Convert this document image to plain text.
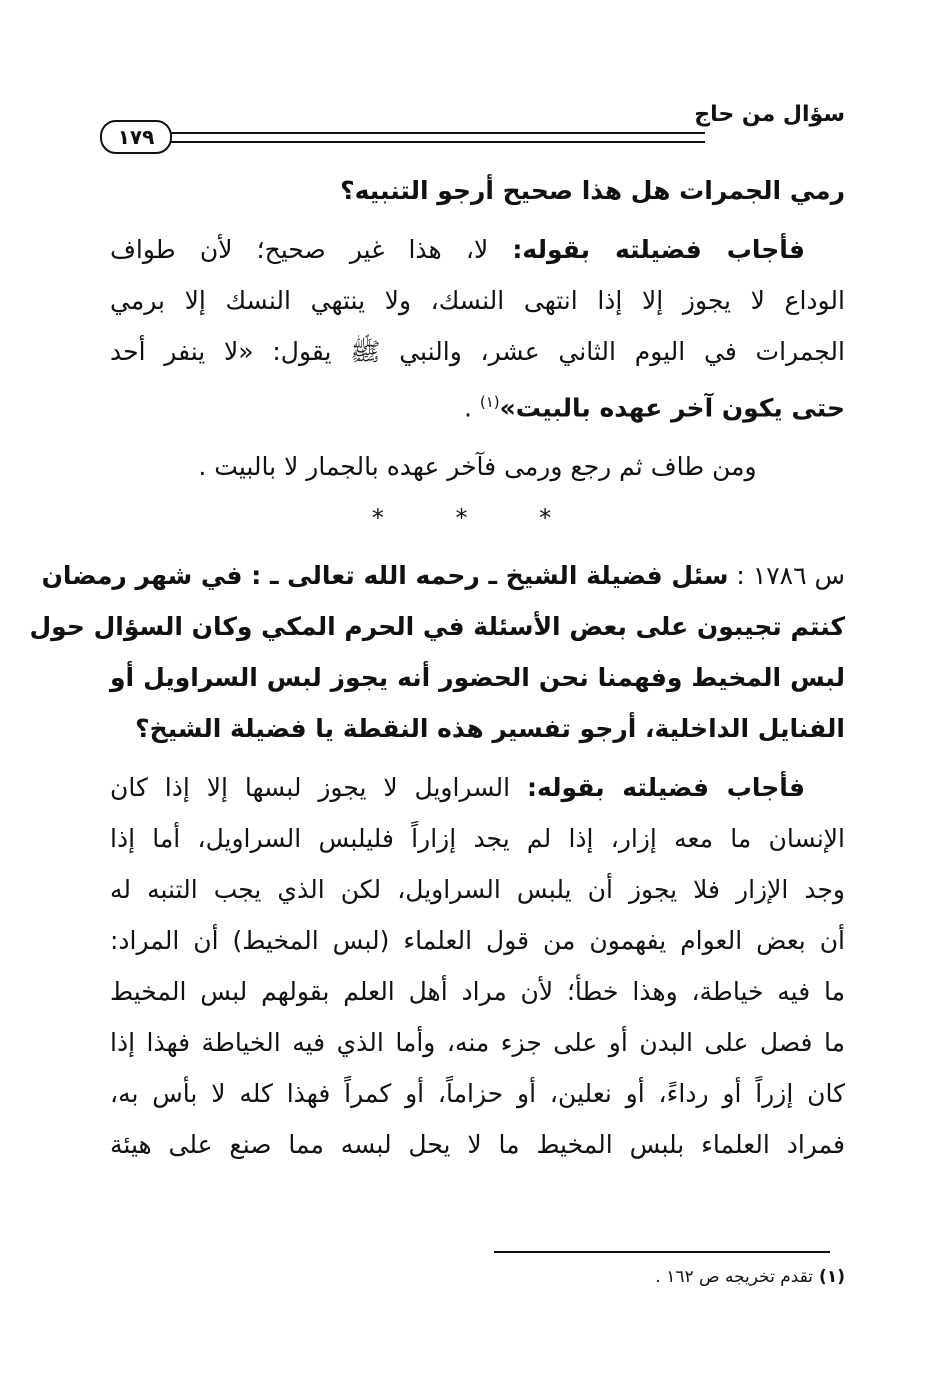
سؤال من حاج
١٧٩

رمي الجمرات هل هذا صحيح أرجو التنبيه؟

فأجاب فضيلته بقوله: لا، هذا غير صحيح؛ لأن طواف

الوداع لا يجوز إلا إذا انتهى النسك، ولا ينتهي النسك إلا برمي

الجمرات في اليوم الثاني عشر، والنبي ﷺ يقول: «لا ينفر أحد

حتى يكون آخر عهده بالبيت»$^{(١)}$ .

ومن طاف ثم رجع ورمى فآخر عهده بالجمار لا بالبيت .

* * *

س ١٧٨٦ : سئل فضيلة الشيخ ـ رحمه الله تعالى ـ : في شهر رمضان

كنتم تجيبون على بعض الأسئلة في الحرم المكي وكان السؤال حول

لبس المخيط وفهمنا نحن الحضور أنه يجوز لبس السراويل أو

الفنايل الداخلية، أرجو تفسير هذه النقطة يا فضيلة الشيخ؟

فأجاب فضيلته بقوله: السراويل لا يجوز لبسها إلا إذا كان

الإنسان ما معه إزار، إذا لم يجد إزاراً فليلبس السراويل، أما إذا

وجد الإزار فلا يجوز أن يلبس السراويل، لكن الذي يجب التنبه له

أن بعض العوام يفهمون من قول العلماء (لبس المخيط) أن المراد:

ما فيه خياطة، وهذا خطأ؛ لأن مراد أهل العلم بقولهم لبس المخيط

ما فصل على البدن أو على جزء منه، وأما الذي فيه الخياطة فهذا إذا

كان إزراً أو رداءً، أو نعلين، أو حزاماً، أو كمراً فهذا كله لا بأس به،

فمراد العلماء بلبس المخيط ما لا يحل لبسه مما صنع على هيئة

(١)تقدم تخريجه ص ١٦٢ .
